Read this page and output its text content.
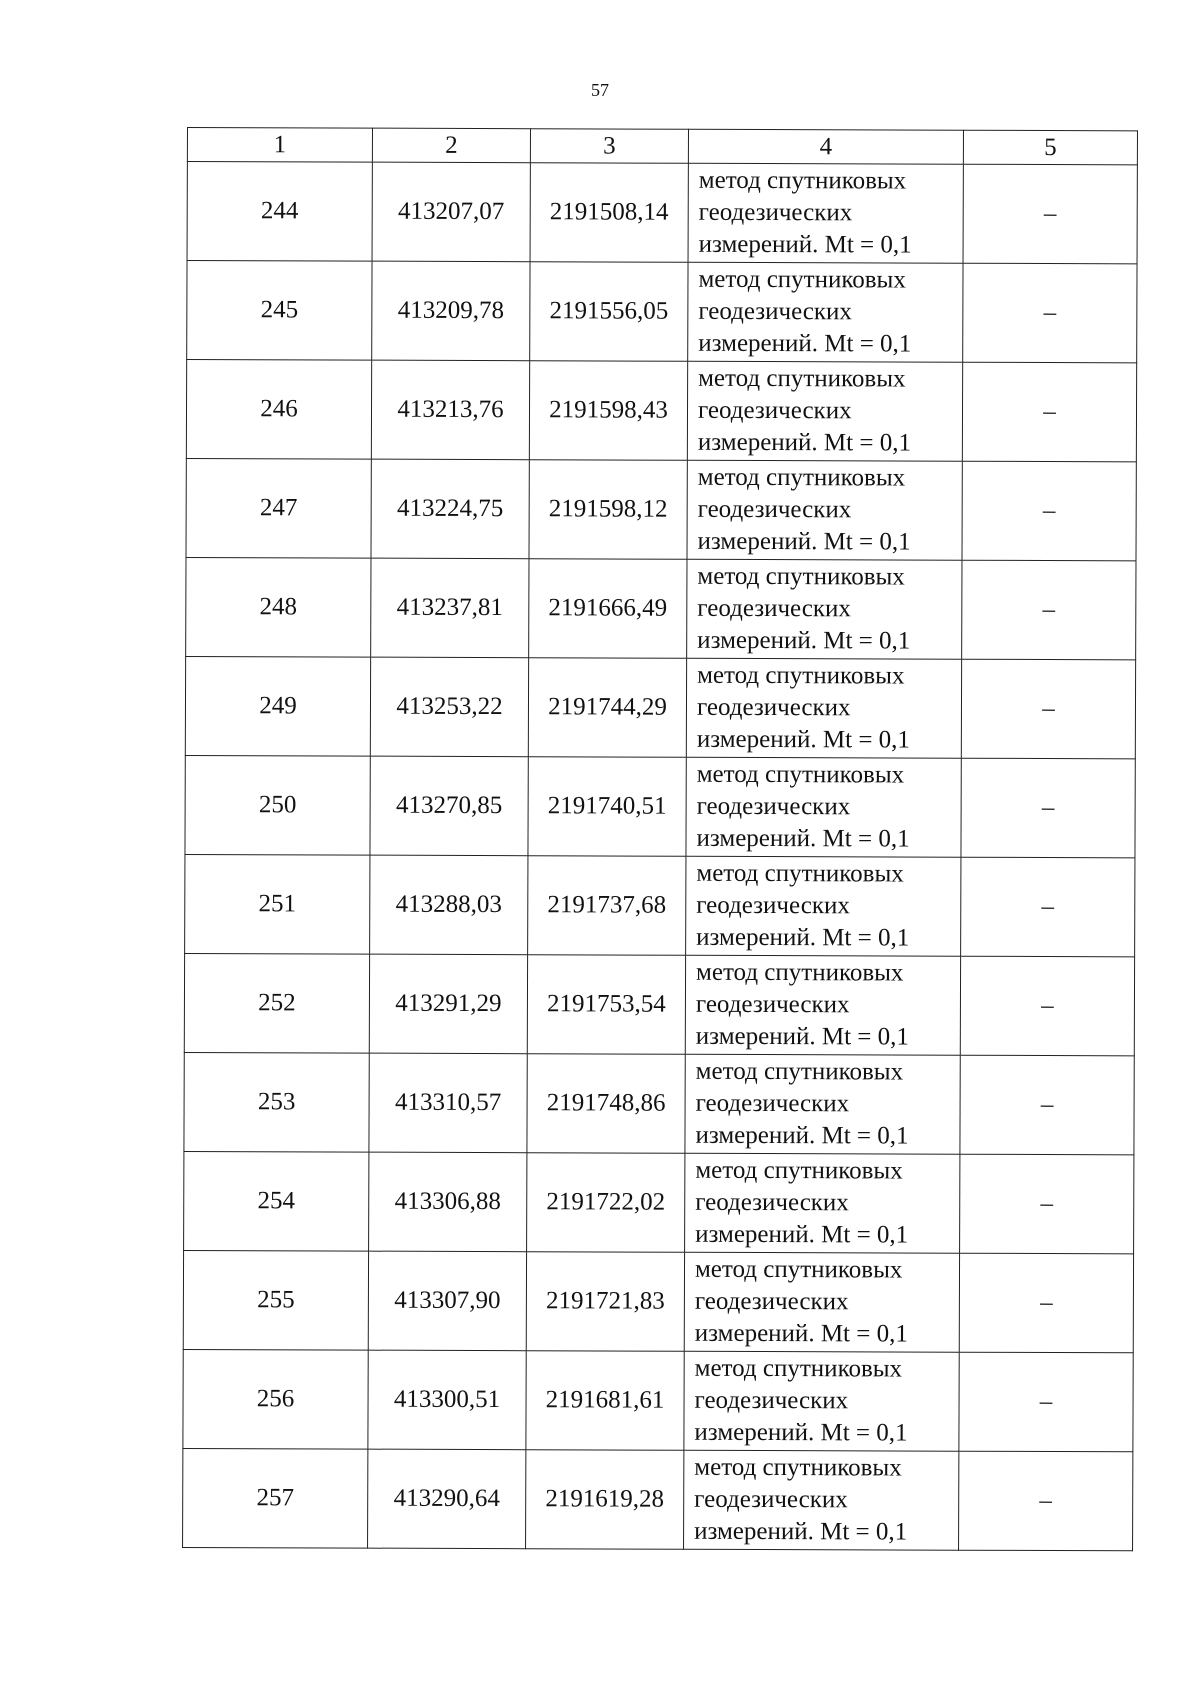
57
1	2	3	4	5
244	413207,07	2191508,14	метод спутниковых
геодезических
измерений. Mt = 0,1	–
245	413209,78	2191556,05	метод спутниковых
геодезических
измерений. Mt = 0,1	–
246	413213,76	2191598,43	метод спутниковых
геодезических
измерений. Mt = 0,1	–
247	413224,75	2191598,12	метод спутниковых
геодезических
измерений. Mt = 0,1	–
248	413237,81	2191666,49	метод спутниковых
геодезических
измерений. Mt = 0,1	–
249	413253,22	2191744,29	метод спутниковых
геодезических
измерений. Mt = 0,1	–
250	413270,85	2191740,51	метод спутниковых
геодезических
измерений. Mt = 0,1	–
251	413288,03	2191737,68	метод спутниковых
геодезических
измерений. Mt = 0,1	–
252	413291,29	2191753,54	метод спутниковых
геодезических
измерений. Mt = 0,1	–
253	413310,57	2191748,86	метод спутниковых
геодезических
измерений. Mt = 0,1	–
254	413306,88	2191722,02	метод спутниковых
геодезических
измерений. Mt = 0,1	–
255	413307,90	2191721,83	метод спутниковых
геодезических
измерений. Mt = 0,1	–
256	413300,51	2191681,61	метод спутниковых
геодезических
измерений. Mt = 0,1	–
257	413290,64	2191619,28	метод спутниковых
геодезических
измерений. Mt = 0,1	–
